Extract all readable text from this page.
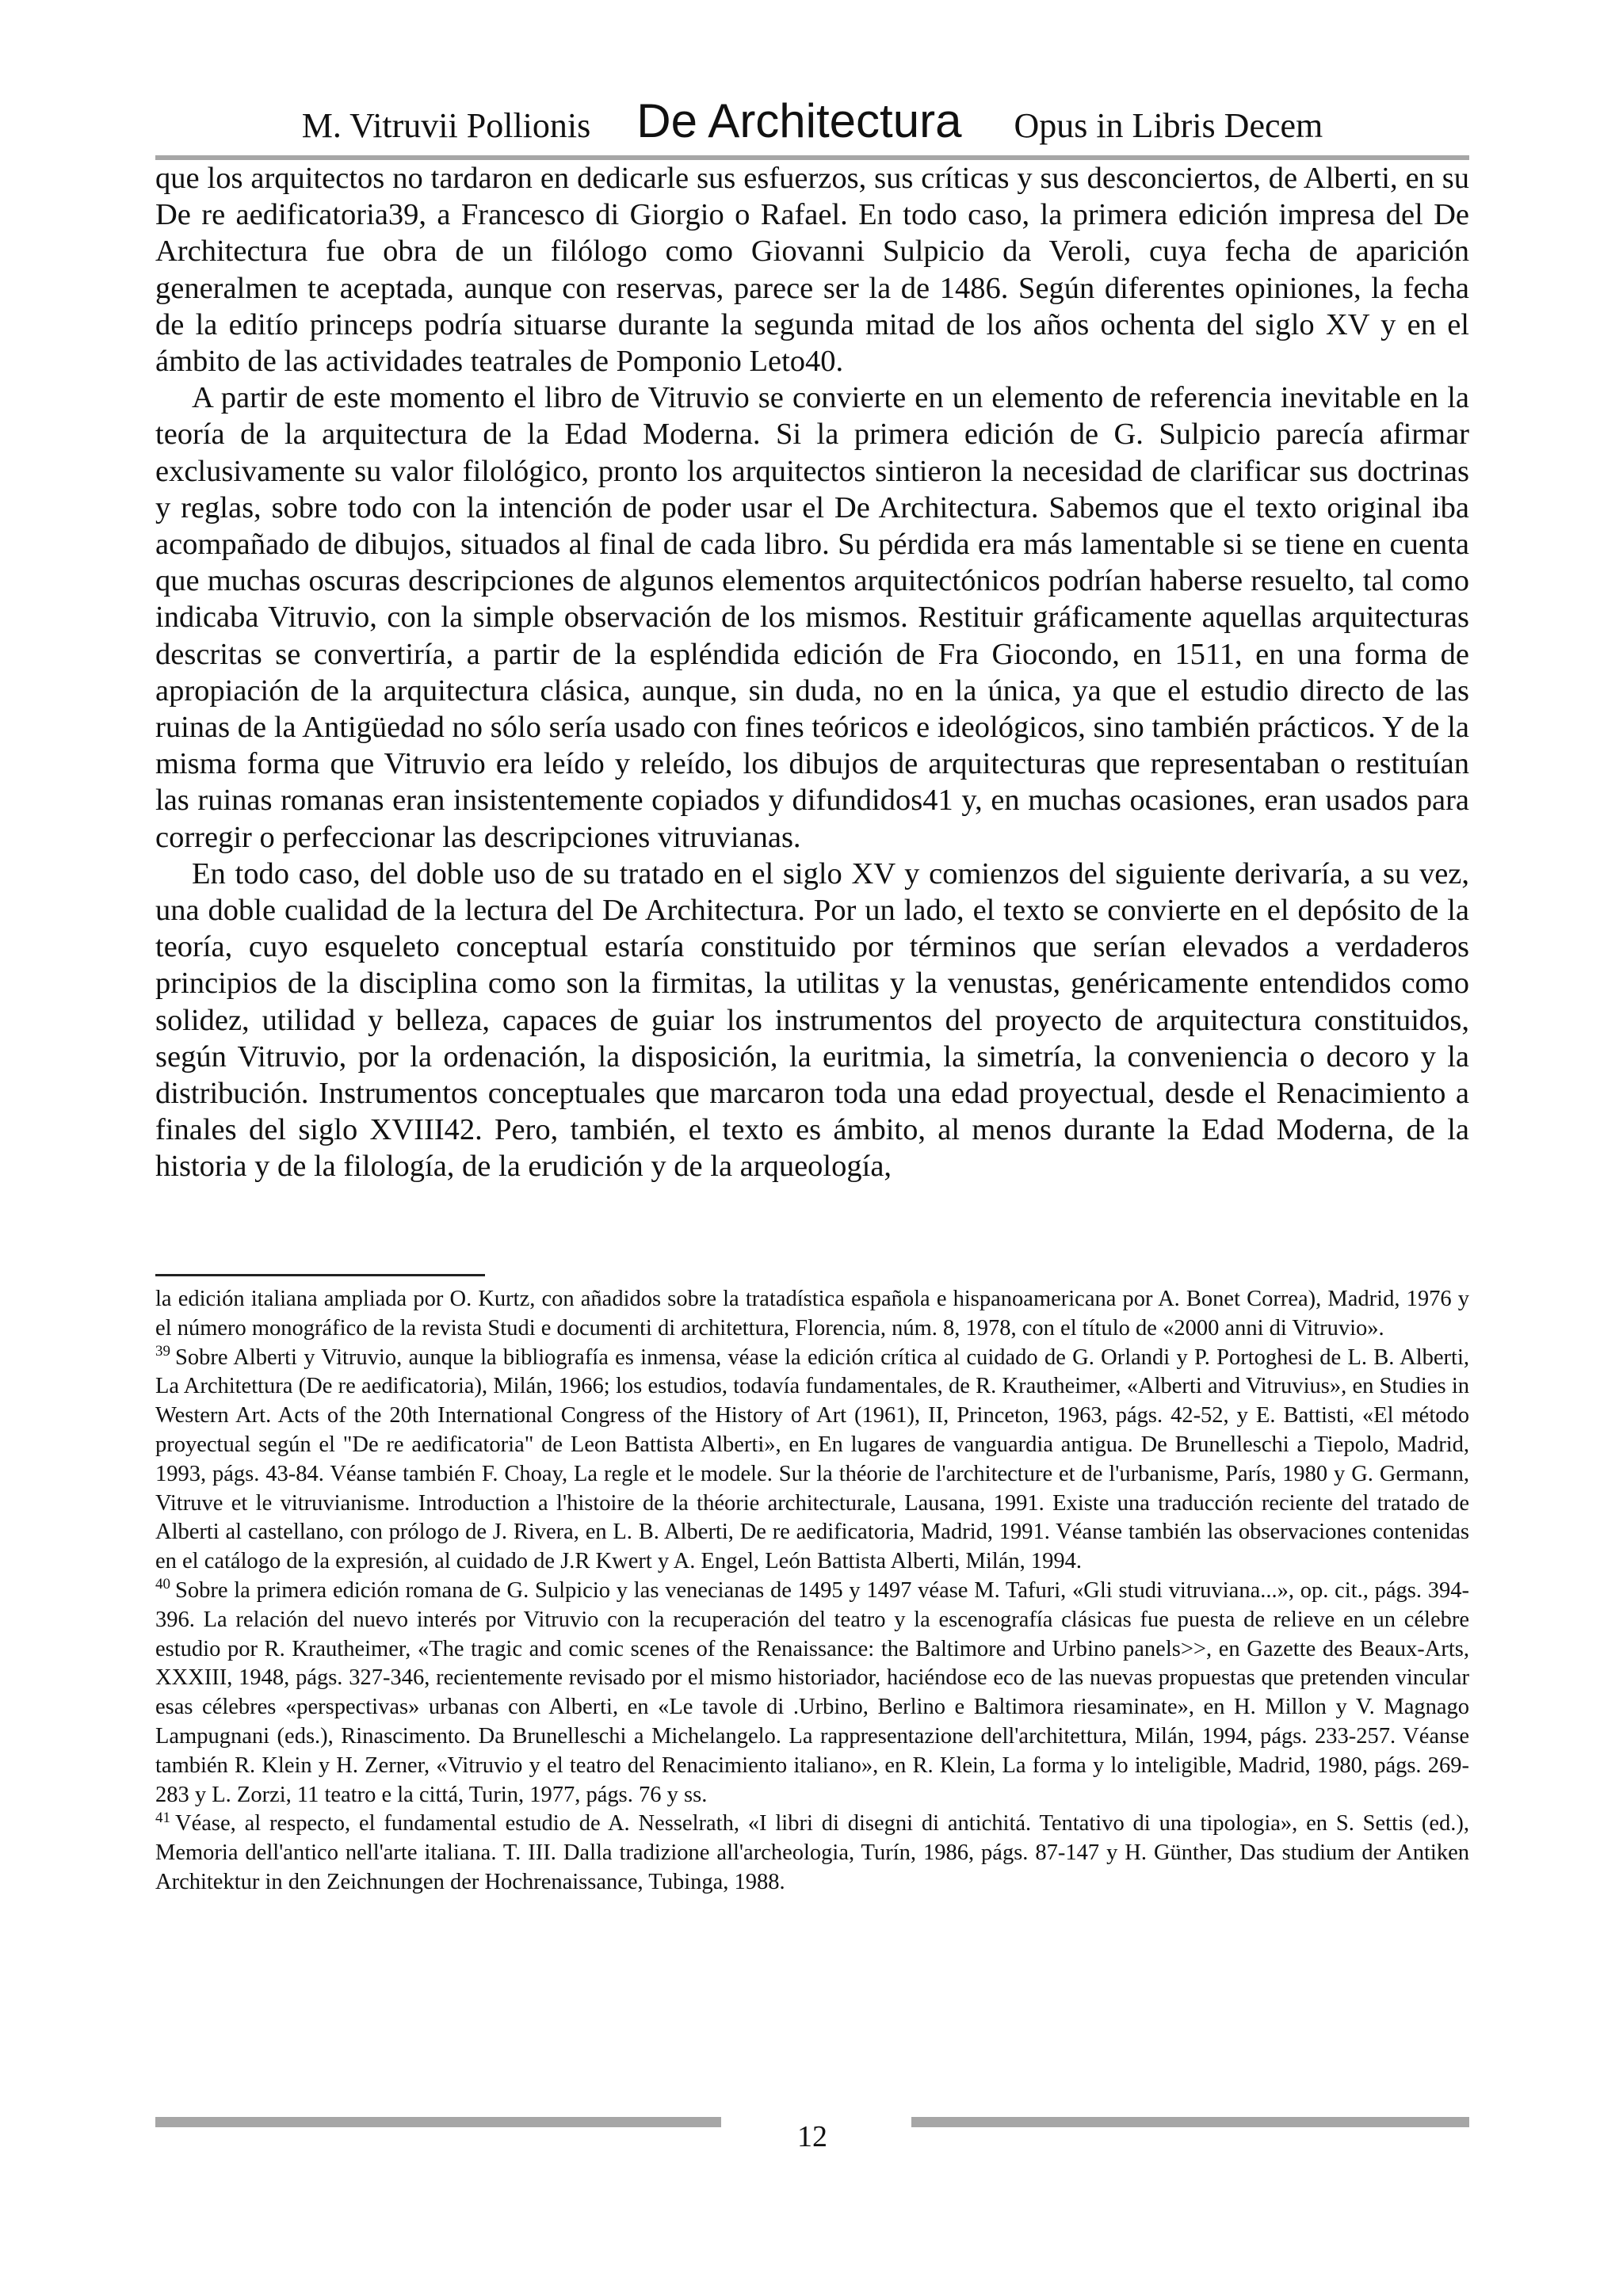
M. Vitruvii Pollionis De Architectura Opus in Libris Decem

que los arquitectos no tardaron en dedicarle sus esfuerzos, sus críticas y sus desconciertos, de Alberti, en su De re aedificatoria39, a Francesco di Giorgio o Rafael. En todo caso, la primera edición impresa del De Architectura fue obra de un filólogo como Giovanni Sulpicio da Veroli, cuya fecha de aparición generalmen te aceptada, aunque con reservas, parece ser la de 1486. Según diferentes opiniones, la fecha de la editío princeps podría situarse durante la segunda mitad de los años ochenta del siglo XV y en el ámbito de las actividades teatrales de Pomponio Leto40.

A partir de este momento el libro de Vitruvio se convierte en un elemento de referencia inevitable en la teoría de la arquitectura de la Edad Moderna. Si la primera edición de G. Sulpicio parecía afirmar exclusivamente su valor filológico, pronto los arquitectos sintieron la necesidad de clarificar sus doctrinas y reglas, sobre todo con la intención de poder usar el De Architectura. Sabemos que el texto original iba acompañado de dibujos, situados al final de cada libro. Su pérdida era más lamentable si se tiene en cuenta que muchas oscuras descripciones de algunos elementos arquitectónicos podrían haberse resuelto, tal como indicaba Vitruvio, con la simple observación de los mismos. Restituir gráficamente aquellas arquitecturas descritas se convertiría, a partir de la espléndida edición de Fra Giocondo, en 1511, en una forma de apropiación de la arquitectura clásica, aunque, sin duda, no en la única, ya que el estudio directo de las ruinas de la Antigüedad no sólo sería usado con fines teóricos e ideológicos, sino también prácticos. Y de la misma forma que Vitruvio era leído y releído, los dibujos de arquitecturas que representaban o restituían las ruinas romanas eran insistentemente copiados y difundidos41 y, en muchas ocasiones, eran usados para corregir o perfeccionar las descripciones vitruvianas.

En todo caso, del doble uso de su tratado en el siglo XV y comienzos del siguiente derivaría, a su vez, una doble cualidad de la lectura del De Architectura. Por un lado, el texto se convierte en el depósito de la teoría, cuyo esqueleto conceptual estaría constituido por términos que serían elevados a verdaderos principios de la disciplina como son la firmitas, la utilitas y la venustas, genéricamente entendidos como solidez, utilidad y belleza, capaces de guiar los instrumentos del proyecto de arquitectura constituidos, según Vitruvio, por la ordenación, la disposición, la euritmia, la simetría, la conveniencia o decoro y la distribución. Instrumentos conceptuales que marcaron toda una edad proyectual, desde el Renacimiento a finales del siglo XVIII42. Pero, también, el texto es ámbito, al menos durante la Edad Moderna, de la historia y de la filología, de la erudición y de la arqueología,

la edición italiana ampliada por O. Kurtz, con añadidos sobre la tratadística española e hispanoamericana por A. Bonet Correa), Madrid, 1976 y el número monográfico de la revista Studi e documenti di architettura, Florencia, núm. 8, 1978, con el título de «2000 anni di Vitruvio».

$^{39}$ Sobre Alberti y Vitruvio, aunque la bibliografía es inmensa, véase la edición crítica al cuidado de G. Orlandi y P. Portoghesi de L. B. Alberti, La Architettura (De re aedificatoria), Milán, 1966; los estudios, todavía fundamentales, de R. Krautheimer, «Alberti and Vitruvius», en Studies in Western Art. Acts of the 20th International Congress of the History of Art (1961), II, Princeton, 1963, págs. 42-52, y E. Battisti, «El método proyectual según el "De re aedificatoria" de Leon Battista Alberti», en En lugares de vanguardia antigua. De Brunelleschi a Tiepolo, Madrid, 1993, págs. 43-84. Véanse también F. Choay, La regle et le modele. Sur la théorie de l'architecture et de l'urbanisme, París, 1980 y G. Germann, Vitruve et le vitruvianisme. Introduction a l'histoire de la théorie architecturale, Lausana, 1991. Existe una traducción reciente del tratado de Alberti al castellano, con prólogo de J. Rivera, en L. B. Alberti, De re aedificatoria, Madrid, 1991. Véanse también las observaciones contenidas en el catálogo de la expresión, al cuidado de J.R Kwert y A. Engel, León Battista Alberti, Milán, 1994.

$^{40}$ Sobre la primera edición romana de G. Sulpicio y las venecianas de 1495 y 1497 véase M. Tafuri, «Gli studi vitruviana...», op. cit., págs. 394-396. La relación del nuevo interés por Vitruvio con la recuperación del teatro y la escenografía clásicas fue puesta de relieve en un célebre estudio por R. Krautheimer, «The tragic and comic scenes of the Renaissance: the Baltimore and Urbino panels>>, en Gazette des Beaux-Arts, XXXIII, 1948, págs. 327-346, recientemente revisado por el mismo historiador, haciéndose eco de las nuevas propuestas que pretenden vincular esas célebres «perspectivas» urbanas con Alberti, en «Le tavole di .Urbino, Berlino e Baltimora riesaminate», en H. Millon y V. Magnago Lampugnani (eds.), Rinascimento. Da Brunelleschi a Michelangelo. La rappresentazione dell'architettura, Milán, 1994, págs. 233-257. Véanse también R. Klein y H. Zerner, «Vitruvio y el teatro del Renacimiento italiano», en R. Klein, La forma y lo inteligible, Madrid, 1980, págs. 269-283 y L. Zorzi, 11 teatro e la cittá, Turin, 1977, págs. 76 y ss.

$^{41}$ Véase, al respecto, el fundamental estudio de A. Nesselrath, «I libri di disegni di antichitá. Tentativo di una tipologia», en S. Settis (ed.), Memoria dell'antico nell'arte italiana. T. III. Dalla tradizione all'archeologia, Turín, 1986, págs. 87-147 y H. Günther, Das studium der Antiken Architektur in den Zeichnungen der Hochrenaissance, Tubinga, 1988.

12
